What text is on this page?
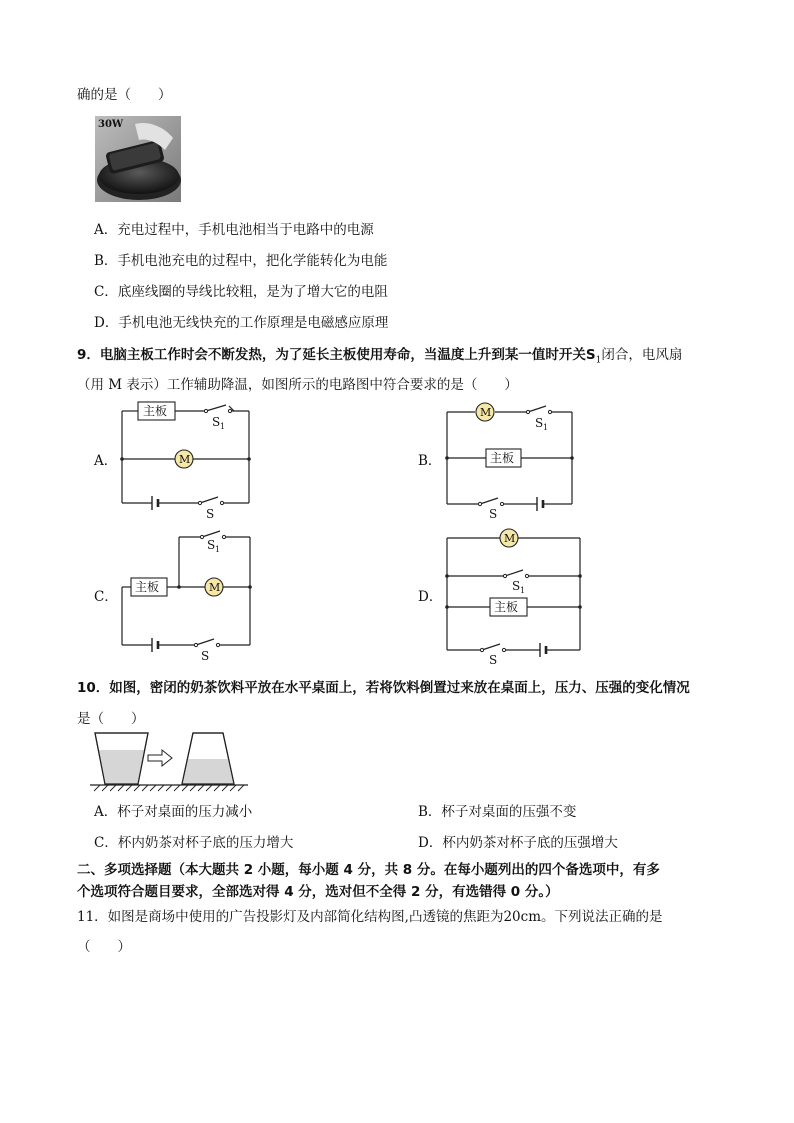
确的是（　　）
30W
A．充电过程中，手机电池相当于电路中的电源
B．手机电池充电的过程中，把化学能转化为电能
C．底座线圈的导线比较粗，是为了增大它的电阻
D．手机电池无线快充的工作原理是电磁感应原理
9．电脑主板工作时会不断发热，为了延长主板使用寿命，当温度上升到某一值时开关$S_1$闭合，电风扇
（用 M 表示）工作辅助降温，如图所示的电路图中符合要求的是（　　）
主板
主板
主板
主板
M
M
M
M
S 1	S 1
S 1
S 1
S	S
S	S
A．	B．
C．	D．
10．如图，密闭的奶茶饮料平放在水平桌面上，若将饮料倒置过来放在桌面上，压力、压强的变化情况
是（　　）
A．杯子对桌面的压力减小	B．杯子对桌面的压强不变
C．杯内奶茶对杯子底的压力增大	D．杯内奶茶对杯子底的压强增大
二、多项选择题（本大题共 2 小题，每小题 4 分，共 8 分。在每小题列出的四个备选项中，有多
个选项符合题目要求，全部选对得 4 分，选对但不全得 2 分，有选错得 0 分。）
11．如图是商场中使用的广告投影灯及内部简化结构图,凸透镜的焦距为20cm。下列说法正确的是
（　　）
